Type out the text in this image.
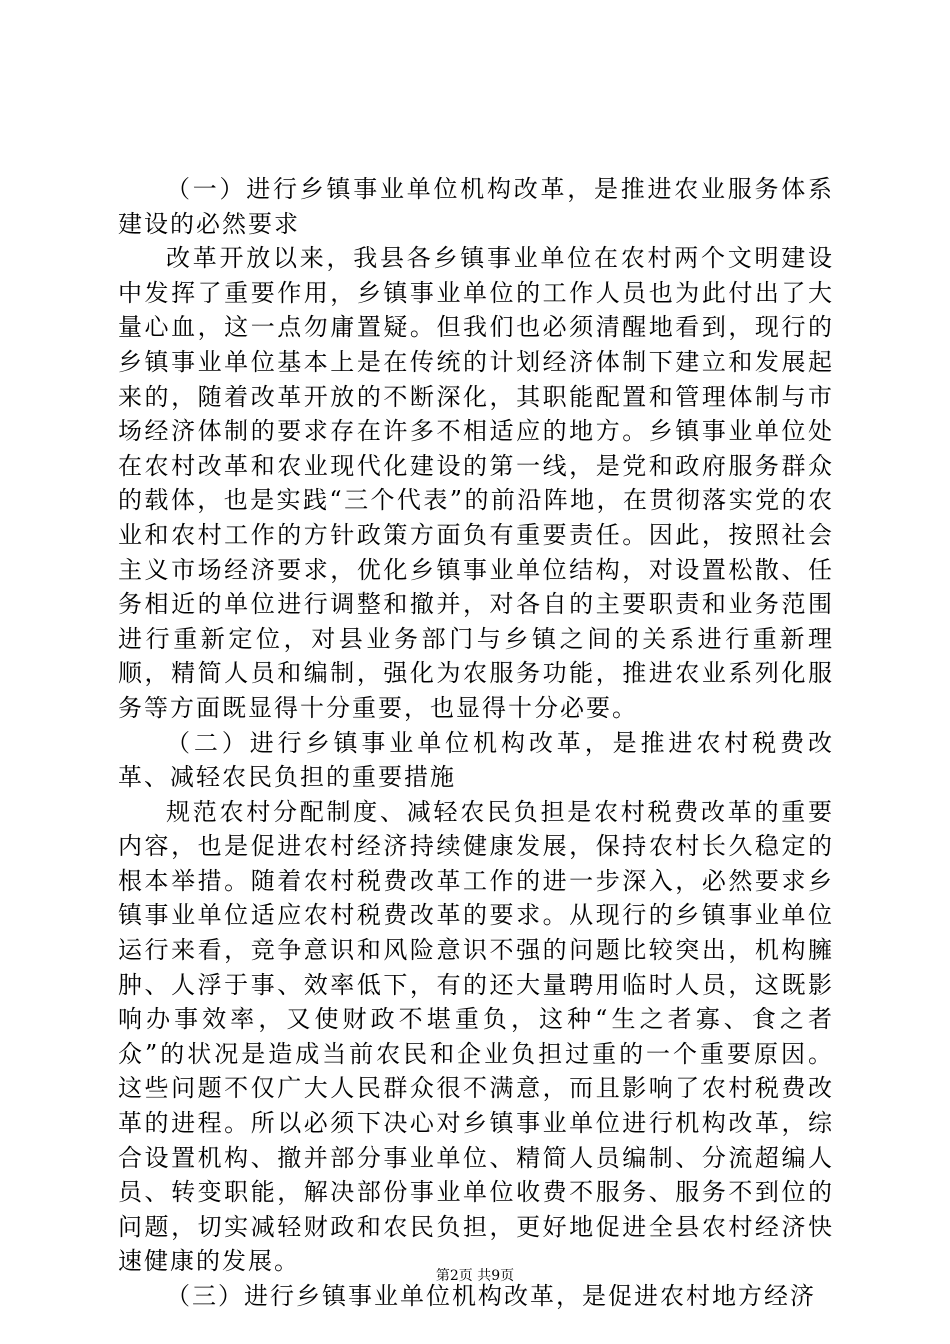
（一）进行乡镇事业单位机构改革，是推进农业服务体系建设的必然要求

改革开放以来，我县各乡镇事业单位在农村两个文明建设中发挥了重要作用，乡镇事业单位的工作人员也为此付出了大量心血，这一点勿庸置疑。但我们也必须清醒地看到，现行的乡镇事业单位基本上是在传统的计划经济体制下建立和发展起来的，随着改革开放的不断深化，其职能配置和管理体制与市场经济体制的要求存在许多不相适应的地方。乡镇事业单位处在农村改革和农业现代化建设的第一线，是党和政府服务群众的载体，也是实践“三个代表”的前沿阵地，在贯彻落实党的农业和农村工作的方针政策方面负有重要责任。因此，按照社会主义市场经济要求，优化乡镇事业单位结构，对设置松散、任务相近的单位进行调整和撤并，对各自的主要职责和业务范围进行重新定位，对县业务部门与乡镇之间的关系进行重新理顺，精简人员和编制，强化为农服务功能，推进农业系列化服务等方面既显得十分重要，也显得十分必要。

（二）进行乡镇事业单位机构改革，是推进农村税费改革、减轻农民负担的重要措施

规范农村分配制度、减轻农民负担是农村税费改革的重要内容，也是促进农村经济持续健康发展，保持农村长久稳定的根本举措。随着农村税费改革工作的进一步深入，必然要求乡镇事业单位适应农村税费改革的要求。从现行的乡镇事业单位运行来看，竞争意识和风险意识不强的问题比较突出，机构臃肿、人浮于事、效率低下，有的还大量聘用临时人员，这既影响办事效率，又使财政不堪重负，这种“生之者寡、食之者众”的状况是造成当前农民和企业负担过重的一个重要原因。这些问题不仅广大人民群众很不满意，而且影响了农村税费改革的进程。所以必须下决心对乡镇事业单位进行机构改革，综合设置机构、撤并部分事业单位、精简人员编制、分流超编人员、转变职能，解决部份事业单位收费不服务、服务不到位的问题，切实减轻财政和农民负担，更好地促进全县农村经济快速健康的发展。

（三）进行乡镇事业单位机构改革，是促进农村地方经济

第2页 共9页
